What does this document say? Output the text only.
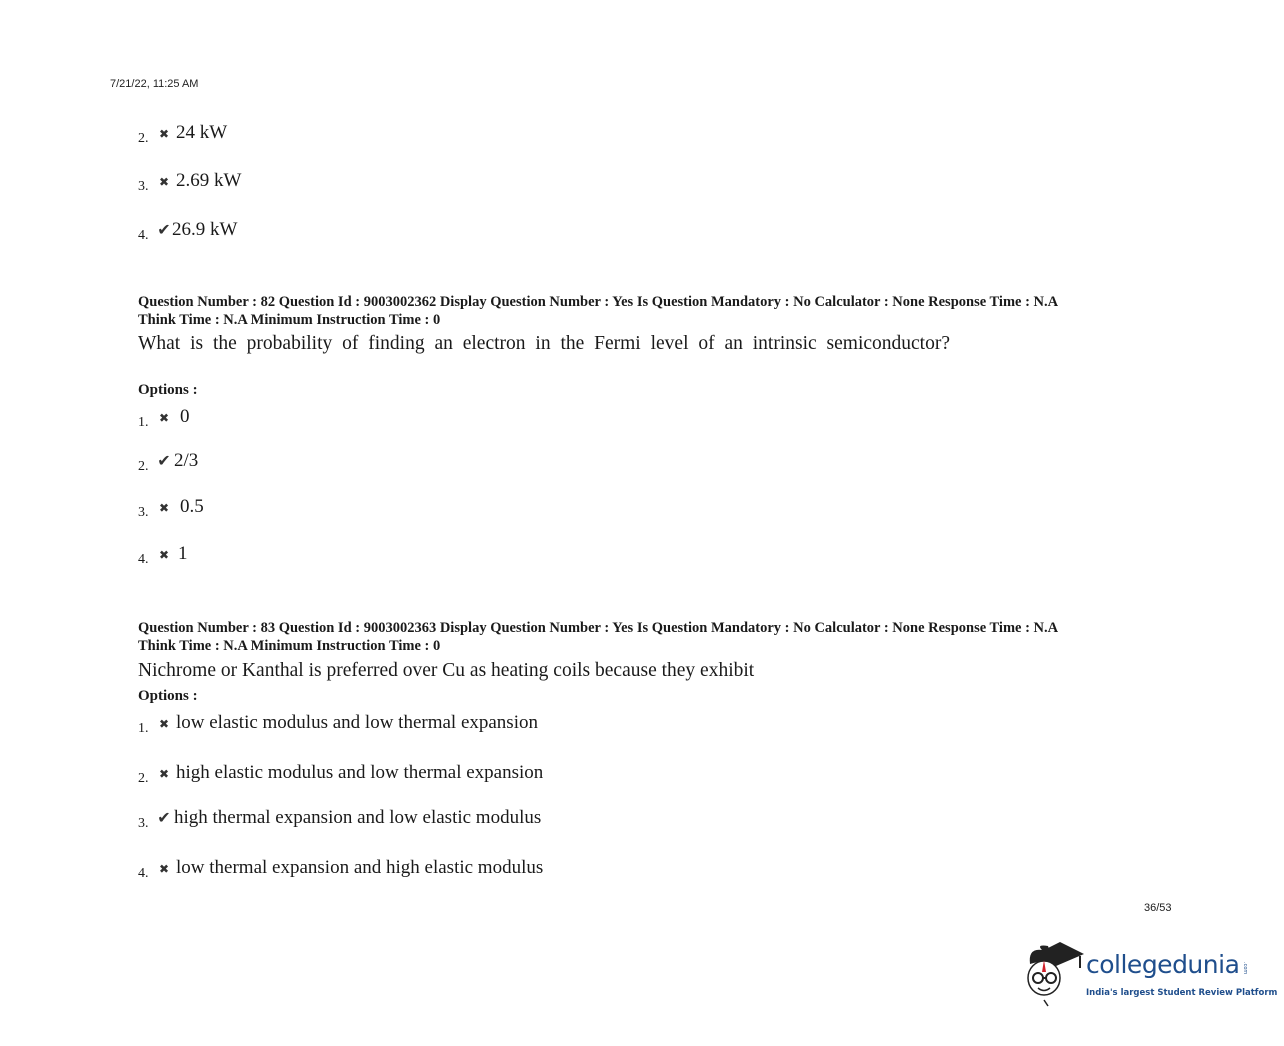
7/21/22, 11:25 AM
2. ✖ 24 kW
3. ✖ 2.69 kW
4. ✔ 26.9 kW
Question Number : 82 Question Id : 9003002362 Display Question Number : Yes Is Question Mandatory : No Calculator : None Response Time : N.A
Think Time : N.A Minimum Instruction Time : 0
What is the probability of finding an electron in the Fermi level of an intrinsic semiconductor?
Options :
1. ✖ 0
2. ✔ 2/3
3. ✖ 0.5
4. ✖ 1
Question Number : 83 Question Id : 9003002363 Display Question Number : Yes Is Question Mandatory : No Calculator : None Response Time : N.A
Think Time : N.A Minimum Instruction Time : 0
Nichrome or Kanthal is preferred over Cu as heating coils because they exhibit
Options :
1. ✖ low elastic modulus and low thermal expansion
2. ✖ high elastic modulus and low thermal expansion
3. ✔ high thermal expansion and low elastic modulus
4. ✖ low thermal expansion and high elastic modulus
36/53
collegedunia .com
India's largest Student Review Platform
